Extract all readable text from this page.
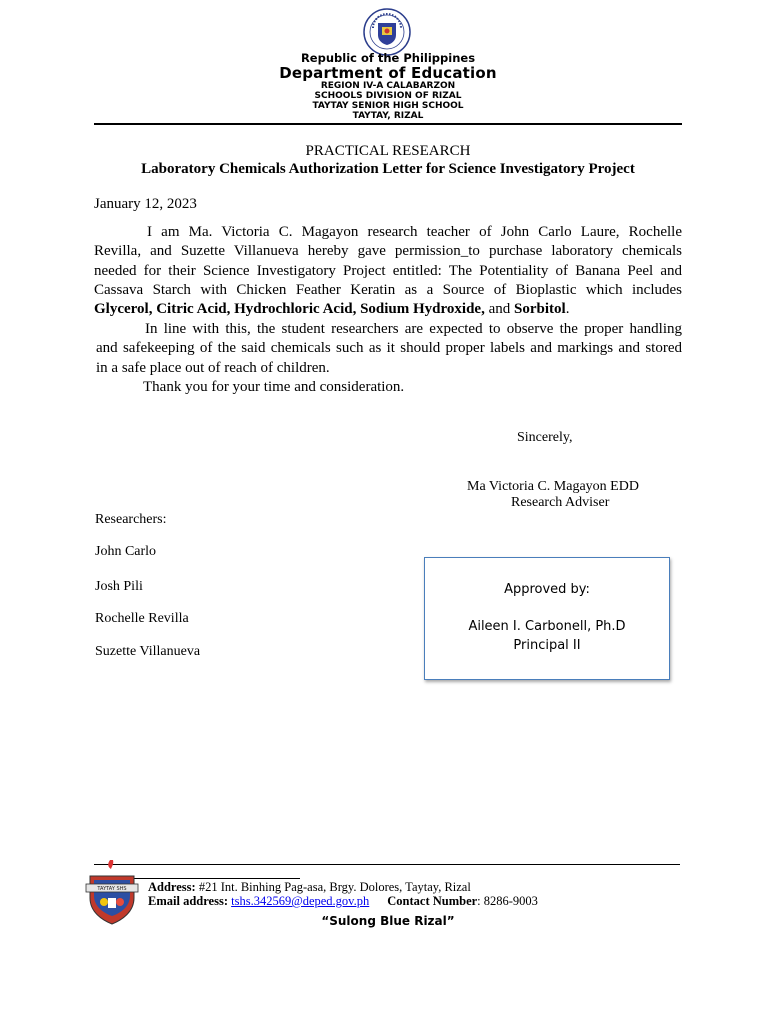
Republic of the Philippines
Department of Education
REGION IV-A CALABARZON
SCHOOLS DIVISION OF RIZAL
TAYTAY SENIOR HIGH SCHOOL
TAYTAY, RIZAL
PRACTICAL RESEARCH
Laboratory Chemicals Authorization Letter for Science Investigatory Project
January 12, 2023
I am Ma. Victoria C. Magayon research teacher of John Carlo Laure, Rochelle
Revilla, and Suzette Villanueva hereby gave permission_to purchase laboratory chemicals
needed for their Science Investigatory Project entitled: The Potentiality of Banana Peel and
Cassava Starch with Chicken Feather Keratin as a Source of Bioplastic which includes
Glycerol, Citric Acid, Hydrochloric Acid, Sodium Hydroxide, and Sorbitol.
In line with this, the student researchers are expected to observe the proper handling
and safekeeping of the said chemicals such as it should proper labels and markings and stored
in a safe place out of reach of children.
Thank you for your time and consideration.
Sincerely,
Ma Victoria C. Magayon EDD
Research Adviser
Researchers:
John Carlo
Josh Pili
Rochelle Revilla
Suzette Villanueva
Approved by:
Aileen I. Carbonell, Ph.D
Principal II
TAYTAY SHS Address: #21 Int. Binhing Pag-asa, Brgy. Dolores, Taytay, Rizal
Email address: tshs.342569@deped.gov.ph Contact Number: 8286-9003
“Sulong Blue Rizal”
